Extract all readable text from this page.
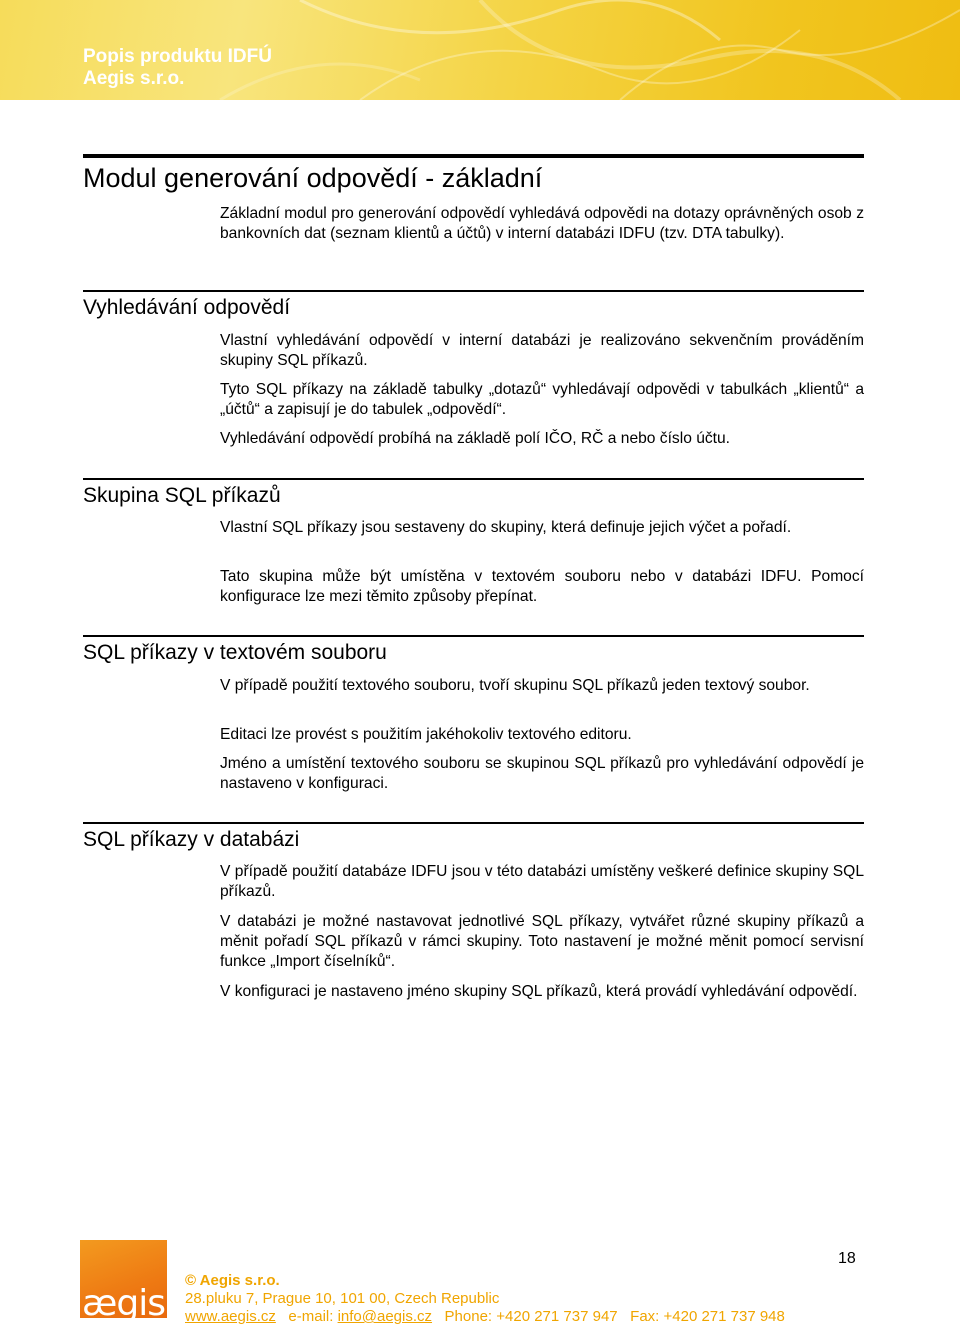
Popis produktu IDFÚ
Aegis s.r.o.
Modul generování odpovědí - základní

Základní modul pro generování odpovědí vyhledává odpovědi na dotazy oprávněných osob z bankovních dat (seznam klientů a účtů) v interní databázi IDFU (tzv. DTA tabulky).

Vyhledávání odpovědí

Vlastní vyhledávání odpovědí v interní databázi je realizováno sekvenčním prováděním skupiny SQL příkazů.

Tyto SQL příkazy na základě tabulky „dotazů“ vyhledávají odpovědi v tabulkách „klientů“ a „účtů“ a zapisují je do tabulek „odpovědí“.

Vyhledávání odpovědí probíhá na základě polí IČO, RČ a nebo číslo účtu.

Skupina SQL příkazů

Vlastní SQL příkazy jsou sestaveny do skupiny, která definuje jejich výčet a pořadí.

Tato skupina může být umístěna v textovém souboru nebo v databázi IDFU. Pomocí konfigurace lze mezi těmito způsoby přepínat.

SQL příkazy v textovém souboru

V případě použití textového souboru, tvoří skupinu SQL příkazů jeden textový soubor.

Editaci lze provést s použitím jakéhokoliv textového editoru.

Jméno a umístění textového souboru se skupinou SQL příkazů pro vyhledávání odpovědí je nastaveno v konfiguraci.

SQL příkazy v databázi

V případě použití databáze IDFU jsou v této databázi umístěny veškeré definice skupiny SQL příkazů.

V databázi je možné nastavovat jednotlivé SQL příkazy, vytvářet různé skupiny příkazů a měnit pořadí SQL příkazů v rámci skupiny. Toto nastavení je možné měnit pomocí servisní funkce „Import číselníků“.

V konfiguraci je nastaveno jméno skupiny SQL příkazů, která provádí vyhledávání odpovědí.

ægis
© Aegis s.r.o.
28.pluku 7, Prague 10, 101 00, Czech Republic
www.aegis.cz e-mail: info@aegis.cz Phone: +420 271 737 947 Fax: +420 271 737 948
18
